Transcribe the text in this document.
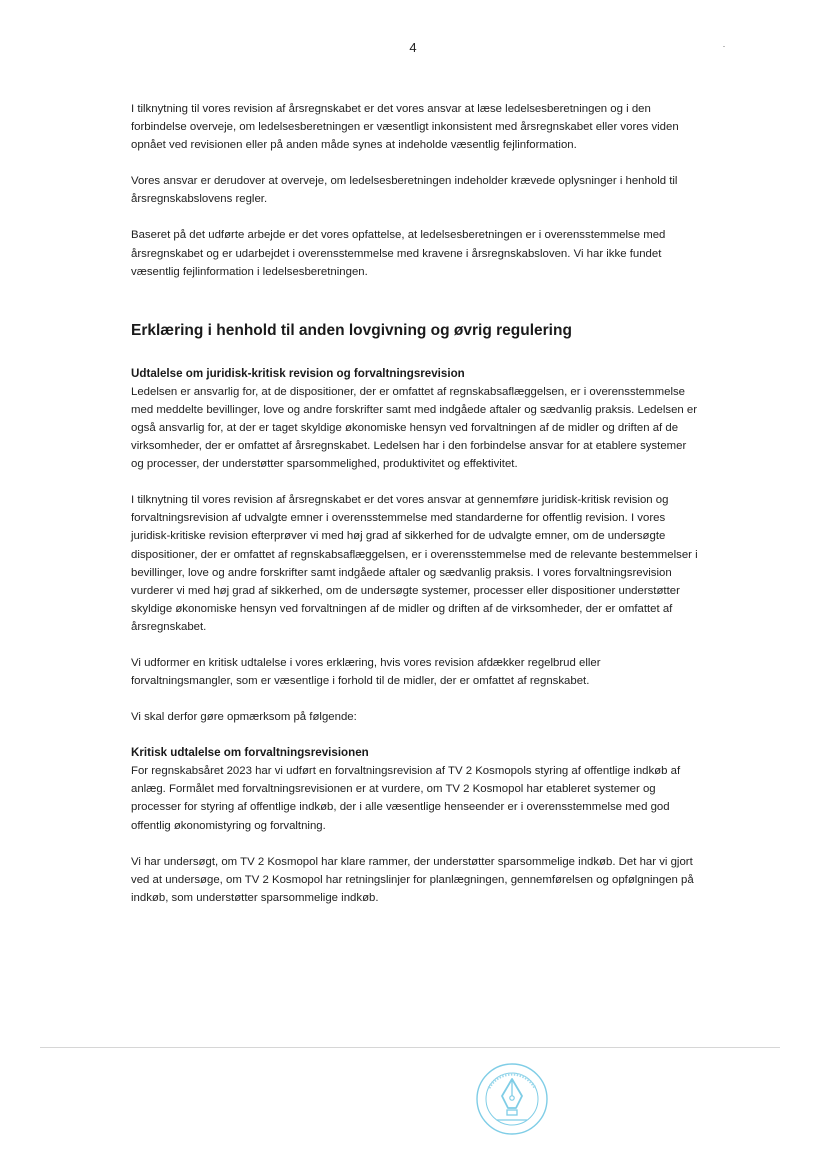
4

I tilknytning til vores revision af årsregnskabet er det vores ansvar at læse ledelsesberetningen og i den forbindelse overveje, om ledelsesberetningen er væsentligt inkonsistent med årsregnskabet eller vores viden opnået ved revisionen eller på anden måde synes at indeholde væsentlig fejlinformation.

Vores ansvar er derudover at overveje, om ledelsesberetningen indeholder krævede oplysninger i henhold til årsregnskabslovens regler.

Baseret på det udførte arbejde er det vores opfattelse, at ledelsesberetningen er i overensstemmelse med årsregnskabet og er udarbejdet i overensstemmelse med kravene i årsregnskabsloven. Vi har ikke fundet væsentlig fejlinformation i ledelsesberetningen.

Erklæring i henhold til anden lovgivning og øvrig regulering
Udtalelse om juridisk-kritisk revision og forvaltningsrevision

Ledelsen er ansvarlig for, at de dispositioner, der er omfattet af regnskabsaflæggelsen, er i overensstemmelse med meddelte bevillinger, love og andre forskrifter samt med indgåede aftaler og sædvanlig praksis. Ledelsen er også ansvarlig for, at der er taget skyldige økonomiske hensyn ved forvaltningen af de midler og driften af de virksomheder, der er omfattet af årsregnskabet. Ledelsen har i den forbindelse ansvar for at etablere systemer og processer, der understøtter sparsommelighed, produktivitet og effektivitet.

I tilknytning til vores revision af årsregnskabet er det vores ansvar at gennemføre juridisk-kritisk revision og forvaltningsrevision af udvalgte emner i overensstemmelse med standarderne for offentlig revision. I vores juridisk-kritiske revision efterprøver vi med høj grad af sikkerhed for de udvalgte emner, om de undersøgte dispositioner, der er omfattet af regnskabsaflæggelsen, er i overensstemmelse med de relevante bestemmelser i bevillinger, love og andre forskrifter samt indgåede aftaler og sædvanlig praksis. I vores forvaltningsrevision vurderer vi med høj grad af sikkerhed, om de undersøgte systemer, processer eller dispositioner understøtter skyldige økonomiske hensyn ved forvaltningen af de midler og driften af de virksomheder, der er omfattet af årsregnskabet.

Vi udformer en kritisk udtalelse i vores erklæring, hvis vores revision afdækker regelbrud eller forvaltningsmangler, som er væsentlige i forhold til de midler, der er omfattet af regnskabet.

Vi skal derfor gøre opmærksom på følgende:

Kritisk udtalelse om forvaltningsrevisionen

For regnskabsåret 2023 har vi udført en forvaltningsrevision af TV 2 Kosmopols styring af offentlige indkøb af anlæg. Formålet med forvaltningsrevisionen er at vurdere, om TV 2 Kosmopol har etableret systemer og processer for styring af offentlige indkøb, der i alle væsentlige henseender er i overensstemmelse med god offentlig økonomistyring og forvaltning.

Vi har undersøgt, om TV 2 Kosmopol har klare rammer, der understøtter sparsommelige indkøb. Det har vi gjort ved at undersøge, om TV 2 Kosmopol har retningslinjer for planlægningen, gennemførelsen og opfølgningen på indkøb, som understøtter sparsommelige indkøb.
